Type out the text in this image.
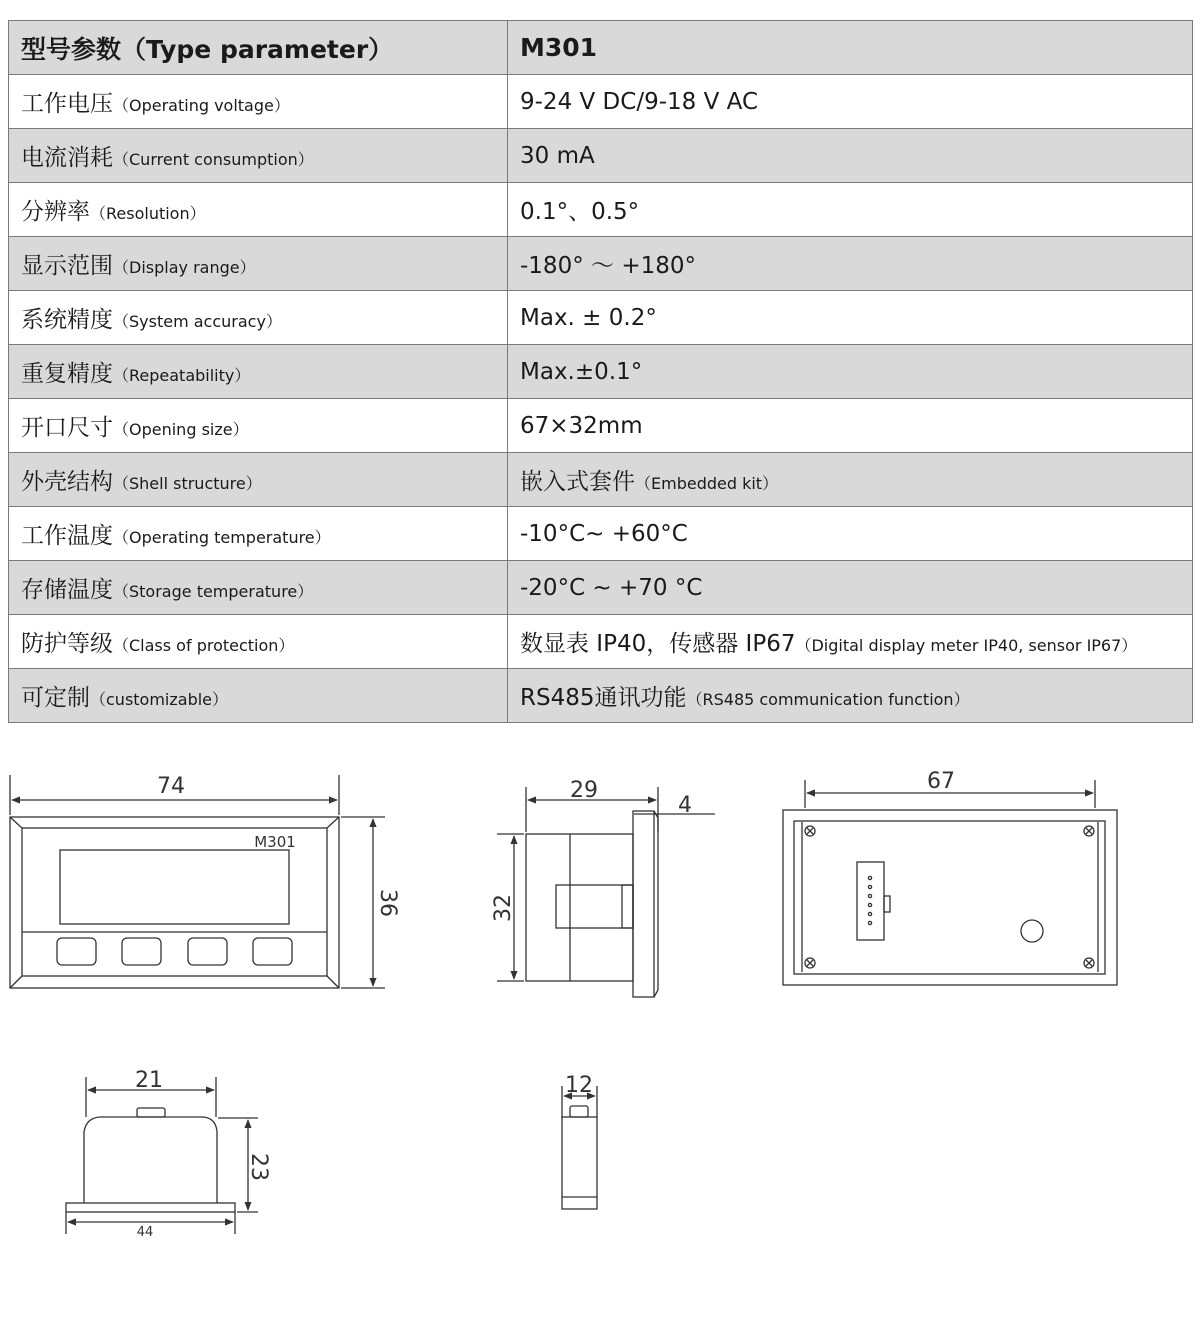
型号参数（Type parameter）	M301
工作电压（Operating voltage）	9-24 V DC/9-18 V AC
电流消耗（Current consumption）	30 mA
分辨率（Resolution）	0.1°、0.5°
显示范围（Display range）	-180° ～ +180°
系统精度（System accuracy）	Max. ± 0.2°
重复精度（Repeatability）	Max.±0.1°
开口尺寸（Opening size）	67×32mm
外壳结构（Shell structure）	嵌入式套件（Embedded kit）
工作温度（Operating temperature）	-10°C~ +60°C
存储温度（Storage temperature）	-20°C ~ +70 °C
防护等级（Class of protection）	数显表 IP40，传感器 IP67（Digital display meter IP40, sensor IP67）
可定制（customizable）	RS485通讯功能（RS485 communication function）
74
M301
36
29
4
32
67
21
23
44
12
